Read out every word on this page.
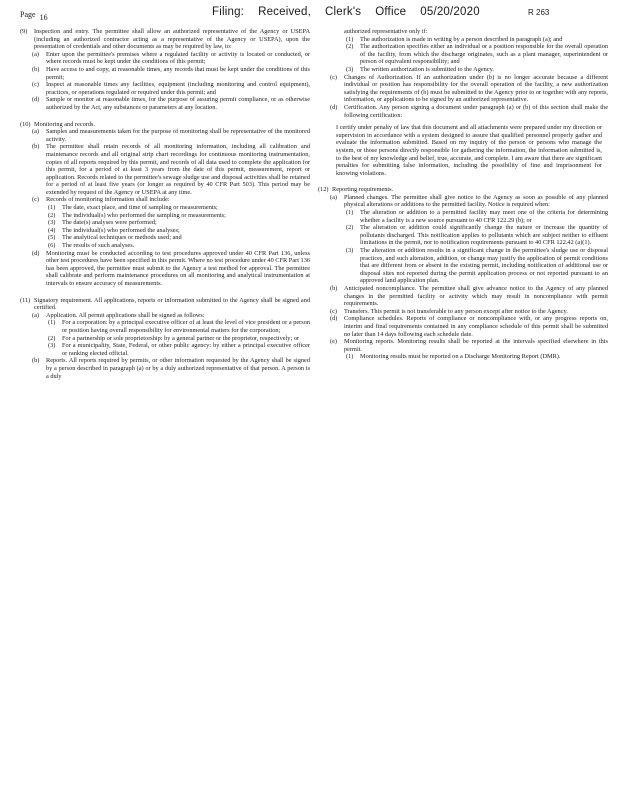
Page 16	Filing: Received, Clerk's Office 05/20/2020	R 263
(9) Inspection and entry. The permittee shall allow an authorized representative of the Agency or USEPA (including an authorized contractor acting as a representative of the Agency or USEPA), upon the presentation of credentials and other documents as may be required by law, to:
(a) Enter upon the permittee's premises where a regulated facility or activity is located or conducted, or where records must be kept under the conditions of this permit;
(b) Have access to and copy, at reasonable times, any records that must be kept under the conditions of this permit;
(c) Inspect at reasonable times any facilities, equipment (including monitoring and control equipment), practices, or operations regulated or required under this permit; and
(d) Sample or monitor at reasonable times, for the purpose of assuring permit compliance, or as otherwise authorized by the Act, any substances or parameters at any location.
(10) Monitoring and records.
(a) Samples and measurements taken for the purpose of monitoring shall be representative of the monitored activity.
(b) The permittee shall retain records of all monitoring information, including all calibration and maintenance records and all original strip chart recordings for continuous monitoring instrumentation, copies of all reports required by this permit, and records of all data used to complete the application for this permit, for a period of at least 3 years from the date of this permit, measurement, report or application. Records related to the permittee's sewage sludge use and disposal activities shall be retained for a period of at least five years (or longer as required by 40 CFR Part 503). This period may be extended by request of the Agency or USEPA at any time.
(c) Records of monitoring information shall include:
(1) The date, exact place, and time of sampling or measurements;
(2) The individual(s) who performed the sampling or measurements;
(3) The date(s) analyses were performed;
(4) The individual(s) who performed the analyses;
(5) The analytical techniques or methods used; and
(6) The results of such analyses.
(d) Monitoring must be conducted according to test procedures approved under 40 CFR Part 136, unless other test procedures have been specified in this permit. Where no test procedure under 40 CFR Part 136 has been approved, the permittee must submit to the Agency a test method for approval. The permittee shall calibrate and perform maintenance procedures on all monitoring and analytical instrumentation at intervals to ensure accuracy of measurements.
(11) Signatory requirement. All applications, reports or information submitted to the Agency shall be signed and certified.
(a) Application. All permit applications shall be signed as follows:
(1) For a corporation: by a principal executive officer of at least the level of vice president or a person or position having overall responsibility for environmental matters for the corporation;
(2) For a partnership or sole proprietorship: by a general partner or the proprietor, respectively; or
(3) For a municipality, State, Federal, or other public agency: by either a principal executive officer or ranking elected official.
(b) Reports. All reports required by permits, or other information requested by the Agency shall be signed by a person described in paragraph (a) or by a duly authorized representative of that person. A person is a duly
authorized representative only if:
(1) The authorization is made in writing by a person described in paragraph (a); and
(2) The authorization specifies either an individual or a position responsible for the overall operation of the facility, from which the discharge originates, such as a plant manager, superintendent or person of equivalent responsibility; and
(3) The written authorization is submitted to the Agency.
(c) Changes of Authorization. If an authorization under (b) is no longer accurate because a different individual or position has responsibility for the overall operation of the facility, a new authorization satisfying the requirements of (b) must be submitted to the Agency prior to or together with any reports, information, or applications to be signed by an authorized representative.
(d) Certification. Any person signing a document under paragraph (a) or (b) of this section shall make the following certification:
I certify under penalty of law that this document and all attachments were prepared under my direction or supervision in accordance with a system designed to assure that qualified personnel properly gather and evaluate the information submitted. Based on my inquiry of the person or persons who manage the system, or those persons directly responsible for gathering the information, the information submitted is, to the best of my knowledge and belief, true, accurate, and complete. I am aware that there are significant penalties for submitting false information, including the possibility of fine and imprisonment for knowing violations.
(12) Reporting requirements.
(a) Planned changes. The permittee shall give notice to the Agency as soon as possible of any planned physical alterations or additions to the permitted facility. Notice is required when:
(1) The alteration or addition to a permitted facility may meet one of the criteria for determining whether a facility is a new source pursuant to 40 CFR 122.29 (b); or
(2) The alteration or addition could significantly change the nature or increase the quantity of pollutants discharged. This notification applies to pollutants which are subject neither to effluent limitations in the permit, nor to notification requirements pursuant to 40 CFR 122.42 (a)(1).
(3) The alteration or addition results in a significant change in the permittee's sludge use or disposal practices, and such alteration, addition, or change may justify the application of permit conditions that are different from or absent in the existing permit, including notification of additional use or disposal sites not reported during the permit application process or not reported pursuant to an approved land application plan.
(b) Anticipated noncompliance. The permittee shall give advance notice to the Agency of any planned changes in the permitted facility or activity which may result in noncompliance with permit requirements.
(c) Transfers. This permit is not transferable to any person except after notice to the Agency.
(d) Compliance schedules. Reports of compliance or noncompliance with, or any progress reports on, interim and final requirements contained in any compliance schedule of this permit shall be submitted no later than 14 days following each schedule date.
(e) Monitoring reports. Monitoring results shall be reported at the intervals specified elsewhere in this permit.
(1) Monitoring results must be reported on a Discharge Monitoring Report (DMR).
